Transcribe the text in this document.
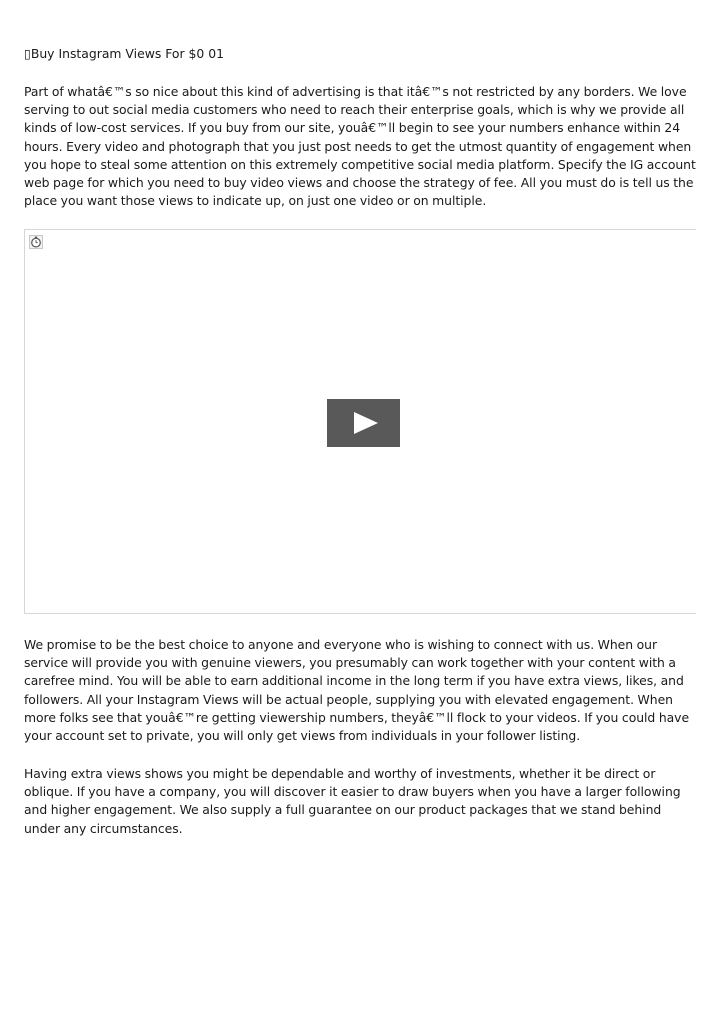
▯Buy Instagram Views For $0 01

Part of whatâ€™s so nice about this kind of advertising is that itâ€™s not restricted by any borders. We love serving to out social media customers who need to reach their enterprise goals, which is why we provide all kinds of low-cost services. If you buy from our site, youâ€™ll begin to see your numbers enhance within 24 hours. Every video and photograph that you just post needs to get the utmost quantity of engagement when you hope to steal some attention on this extremely competitive social media platform. Specify the IG account web page for which you need to buy video views and choose the strategy of fee. All you must do is tell us the place you want those views to indicate up, on just one video or on multiple.

We promise to be the best choice to anyone and everyone who is wishing to connect with us. When our service will provide you with genuine viewers, you presumably can work together with your content with a carefree mind. You will be able to earn additional income in the long term if you have extra views, likes, and followers. All your Instagram Views will be actual people, supplying you with elevated engagement. When more folks see that youâ€™re getting viewership numbers, theyâ€™ll flock to your videos. If you could have your account set to private, you will only get views from individuals in your follower listing.

Having extra views shows you might be dependable and worthy of investments, whether it be direct or oblique. If you have a company, you will discover it easier to draw buyers when you have a larger following and higher engagement. We also supply a full guarantee on our product packages that we stand behind under any circumstances.
